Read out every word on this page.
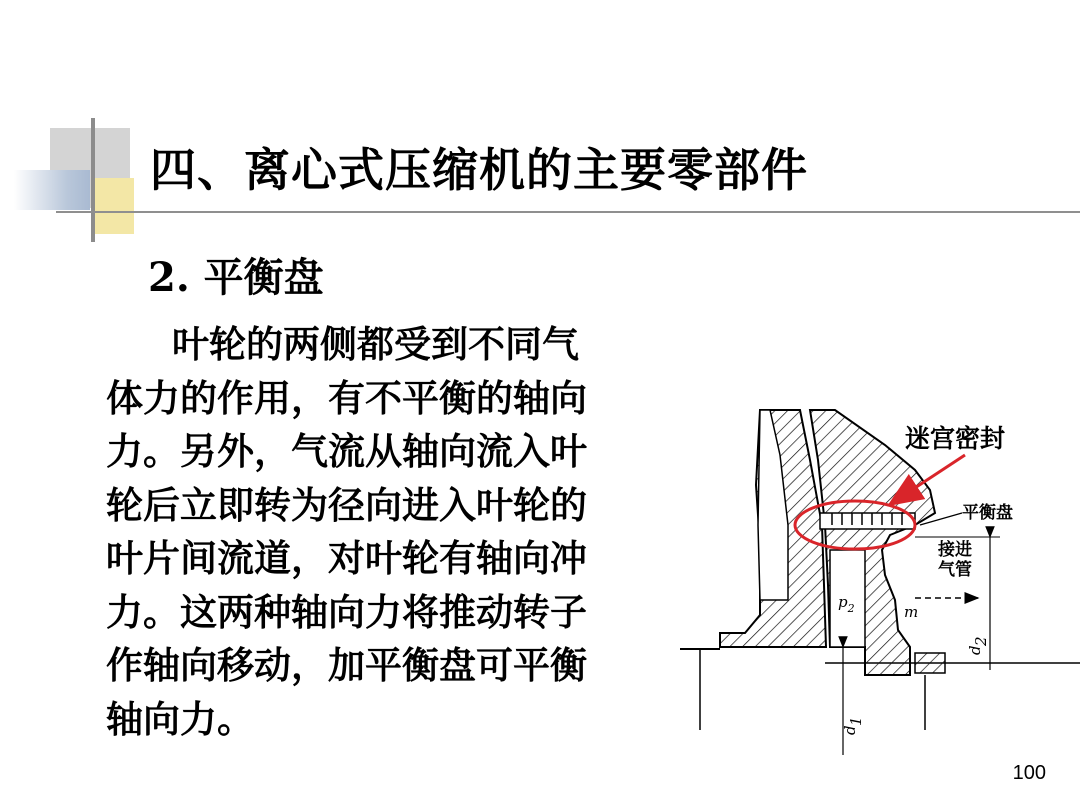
四、离心式压缩机的主要零部件
2. 平衡盘
叶轮的两侧都受到不同气
体力的作用，有不平衡的轴向
力。另外，气流从轴向流入叶
轮后立即转为径向进入叶轮的
叶片间流道，对叶轮有轴向冲
力。这两种轴向力将推动转子
作轴向移动，加平衡盘可平衡
轴向力。
迷宫密封
平衡盘
接进
气管
$p_2$	m
d
2
d
1
100
